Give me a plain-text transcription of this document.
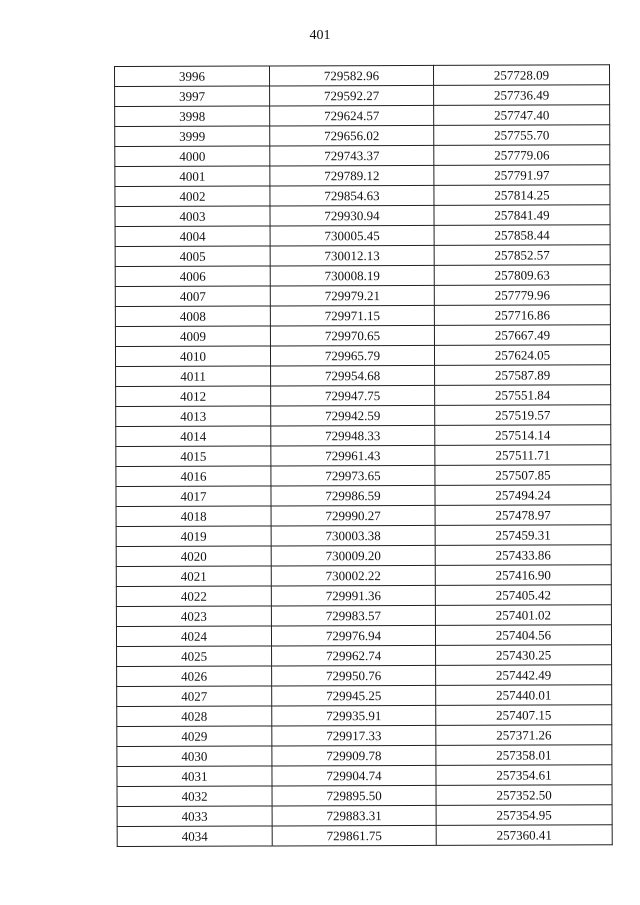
401
3996	729582.96	257728.09
3997	729592.27	257736.49
3998	729624.57	257747.40
3999	729656.02	257755.70
4000	729743.37	257779.06
4001	729789.12	257791.97
4002	729854.63	257814.25
4003	729930.94	257841.49
4004	730005.45	257858.44
4005	730012.13	257852.57
4006	730008.19	257809.63
4007	729979.21	257779.96
4008	729971.15	257716.86
4009	729970.65	257667.49
4010	729965.79	257624.05
4011	729954.68	257587.89
4012	729947.75	257551.84
4013	729942.59	257519.57
4014	729948.33	257514.14
4015	729961.43	257511.71
4016	729973.65	257507.85
4017	729986.59	257494.24
4018	729990.27	257478.97
4019	730003.38	257459.31
4020	730009.20	257433.86
4021	730002.22	257416.90
4022	729991.36	257405.42
4023	729983.57	257401.02
4024	729976.94	257404.56
4025	729962.74	257430.25
4026	729950.76	257442.49
4027	729945.25	257440.01
4028	729935.91	257407.15
4029	729917.33	257371.26
4030	729909.78	257358.01
4031	729904.74	257354.61
4032	729895.50	257352.50
4033	729883.31	257354.95
4034	729861.75	257360.41
